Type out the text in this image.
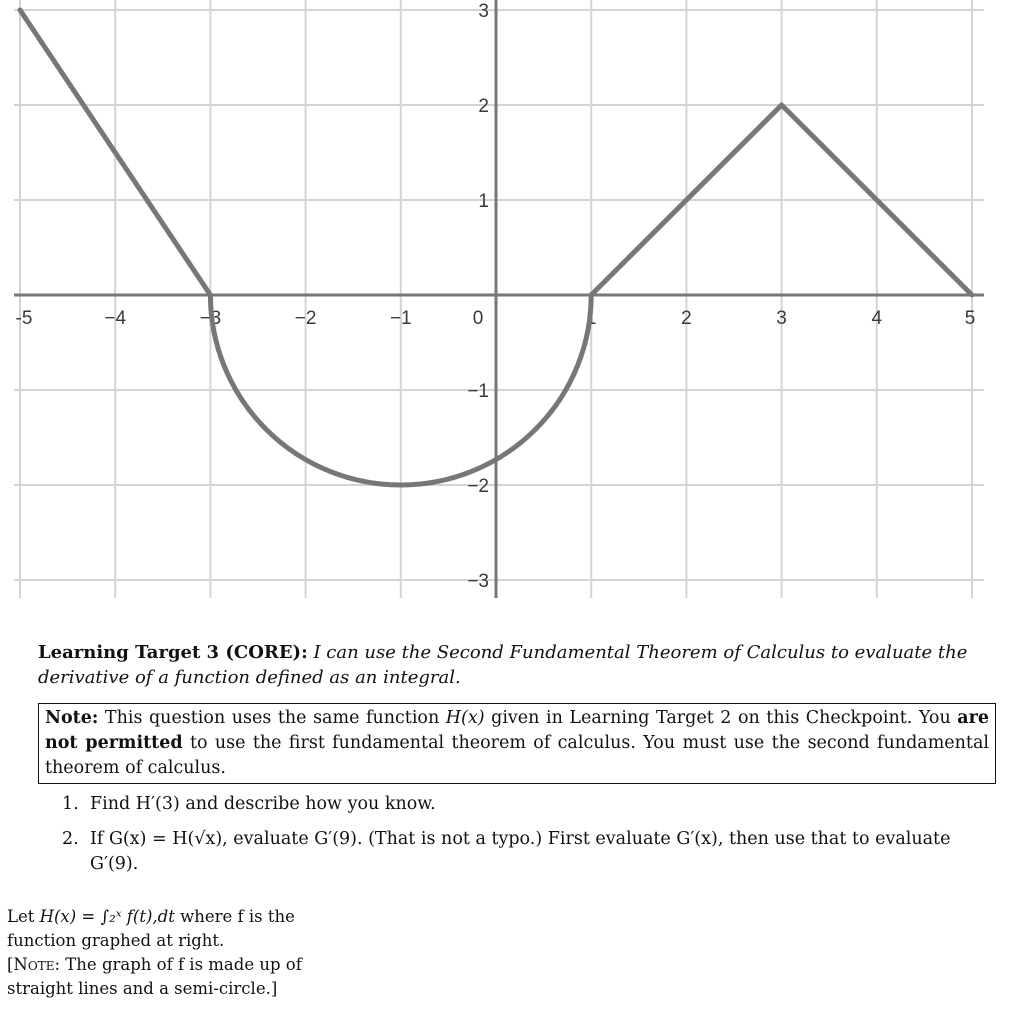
-5	−4	−3	−2	−1	0	1	2	3	4	5
3
2
1
−1
−2
−3
Learning Target 3 (CORE): I can use the Second Fundamental Theorem of Calculus to evaluate the derivative of a function defined as an integral.
Note: This question uses the same function H(x) given in Learning Target 2 on this Checkpoint. You are not permitted to use the first fundamental theorem of calculus. You must use the second fundamental theorem of calculus.
1. Find H′(3) and describe how you know.
2. If G(x) = H(√x), evaluate G′(9). (That is not a typo.) First evaluate G′(x), then use that to evaluate G′(9).
Let H(x) = ∫₂ˣ f(t),dt where f is the function graphed at right.
[Note: The graph of f is made up of straight lines and a semi-circle.]
